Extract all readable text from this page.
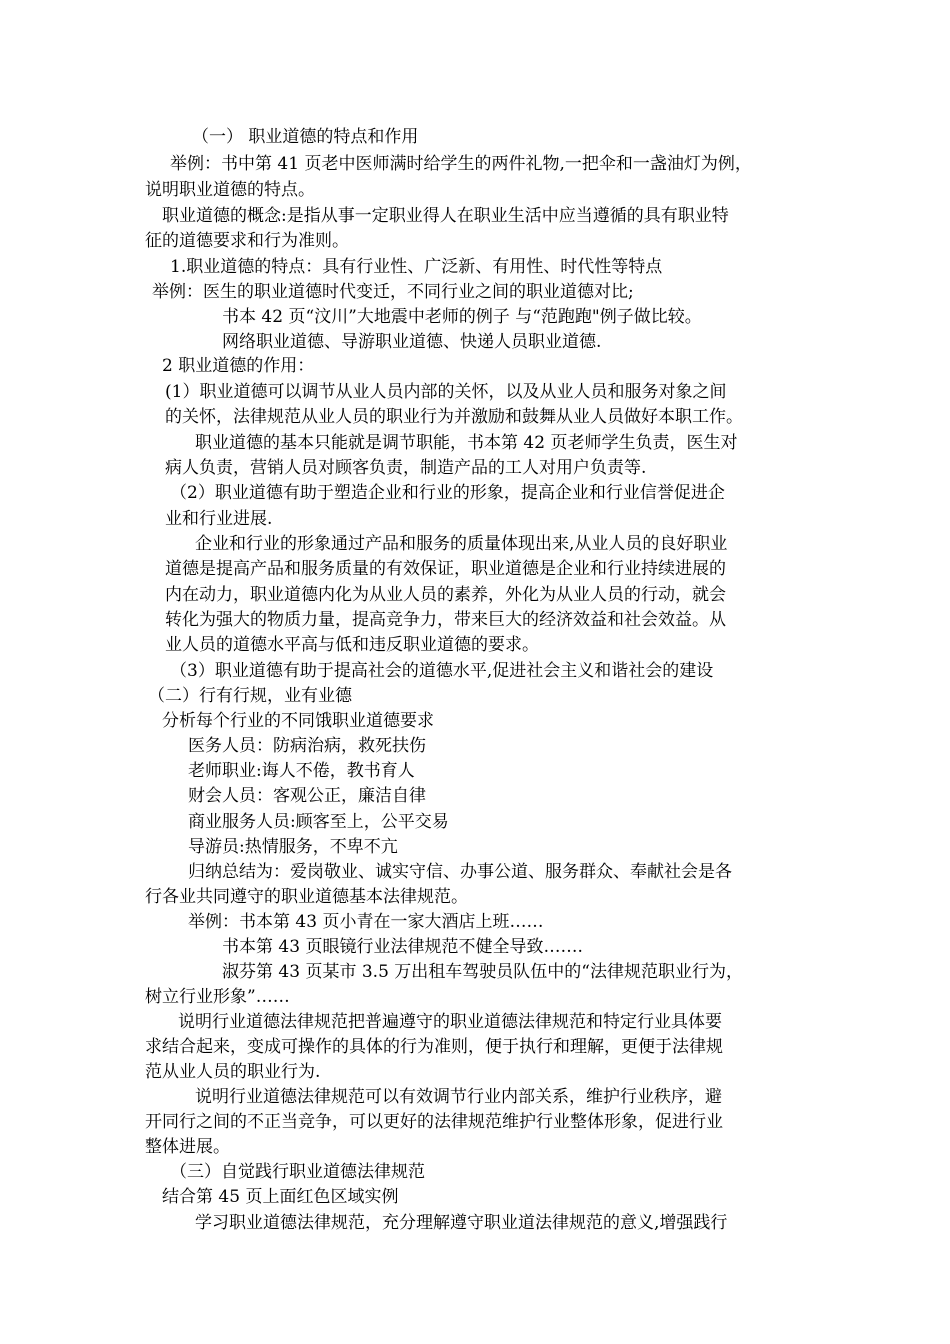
（一） 职业道德的特点和作用
举例：书中第 41 页老中医师满时给学生的两件礼物,一把伞和一盏油灯为例，
说明职业道德的特点。
职业道德的概念:是指从事一定职业得人在职业生活中应当遵循的具有职业特
征的道德要求和行为准则。
1.职业道德的特点：具有行业性、广泛新、有用性、时代性等特点
举例：医生的职业道德时代变迁，不同行业之间的职业道德对比;
书本 42 页“汶川”大地震中老师的例子 与“范跑跑"例子做比较。
网络职业道德、导游职业道德、快递人员职业道德.
2 职业道德的作用：
(1）职业道德可以调节从业人员内部的关怀，以及从业人员和服务对象之间
的关怀，法律规范从业人员的职业行为并激励和鼓舞从业人员做好本职工作。
职业道德的基本只能就是调节职能，书本第 42 页老师学生负责，医生对
病人负责，营销人员对顾客负责，制造产品的工人对用户负责等.
（2）职业道德有助于塑造企业和行业的形象，提高企业和行业信誉促进企
业和行业进展.
企业和行业的形象通过产品和服务的质量体现出来,从业人员的良好职业
道德是提高产品和服务质量的有效保证，职业道德是企业和行业持续进展的
内在动力，职业道德内化为从业人员的素养，外化为从业人员的行动，就会
转化为强大的物质力量，提高竞争力，带来巨大的经济效益和社会效益。从
业人员的道德水平高与低和违反职业道德的要求。
（3）职业道德有助于提高社会的道德水平,促进社会主义和谐社会的建设
（二）行有行规，业有业德
分析每个行业的不同饿职业道德要求
医务人员：防病治病，救死扶伤
老师职业:诲人不倦，教书育人
财会人员：客观公正，廉洁自律
商业服务人员:顾客至上，公平交易
导游员:热情服务，不卑不亢
归纳总结为：爱岗敬业、诚实守信、办事公道、服务群众、奉献社会是各
行各业共同遵守的职业道德基本法律规范。
举例：书本第 43 页小青在一家大酒店上班……
书本第 43 页眼镜行业法律规范不健全导致…….
淑芬第 43 页某市 3.5 万出租车驾驶员队伍中的“法律规范职业行为，
树立行业形象”……
说明行业道德法律规范把普遍遵守的职业道德法律规范和特定行业具体要
求结合起来，变成可操作的具体的行为准则，便于执行和理解，更便于法律规
范从业人员的职业行为.
说明行业道德法律规范可以有效调节行业内部关系，维护行业秩序，避
开同行之间的不正当竞争，可以更好的法律规范维护行业整体形象，促进行业
整体进展。
（三）自觉践行职业道德法律规范
结合第 45 页上面红色区域实例
学习职业道德法律规范，充分理解遵守职业道法律规范的意义,增强践行
